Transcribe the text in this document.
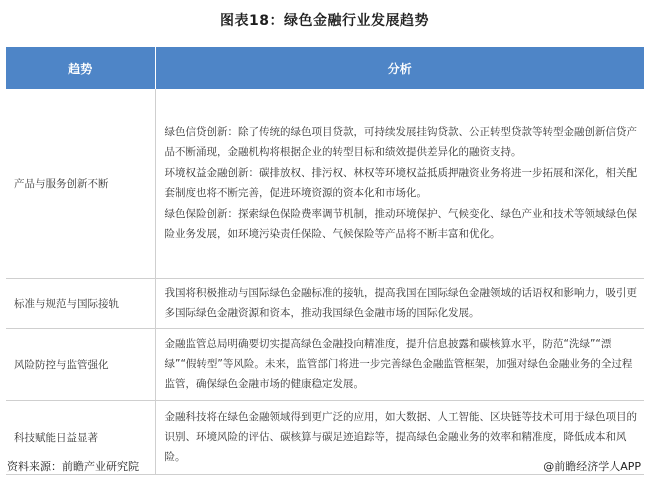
图表18：绿色金融行业发展趋势
趋势	分析
产品与服务创新不断	绿色信贷创新：除了传统的绿色项目贷款，可持续发展挂钩贷款、公正转型贷款等转型金融创新信贷产品不断涌现，金融机构将根据企业的转型目标和绩效提供差异化的融资支持。

环境权益金融创新：碳排放权、排污权、林权等环境权益抵质押融资业务将进一步拓展和深化，相关配套制度也将不断完善，促进环境资源的资本化和市场化。

绿色保险创新：探索绿色保险费率调节机制，推动环境保护、气候变化、绿色产业和技术等领域绿色保险业务发展，如环境污染责任保险、气候保险等产品将不断丰富和优化。

标准与规范与国际接轨	我国将积极推动与国际绿色金融标准的接轨，提高我国在国际绿色金融领域的话语权和影响力，吸引更多国际绿色金融资源和资本，推动我国绿色金融市场的国际化发展。

风险防控与监管强化	金融监管总局明确要切实提高绿色金融投向精准度，提升信息披露和碳核算水平，防范“洗绿”“漂绿”“假转型”等风险。未来，监管部门将进一步完善绿色金融监管框架，加强对绿色金融业务的全过程监管，确保绿色金融市场的健康稳定发展。

科技赋能日益显著	金融科技将在绿色金融领域得到更广泛的应用，如大数据、人工智能、区块链等技术可用于绿色项目的识别、环境风险的评估、碳核算与碳足迹追踪等，提高绿色金融业务的效率和精准度，降低成本和风险。

资料来源：前瞻产业研究院	@前瞻经济学人APP
